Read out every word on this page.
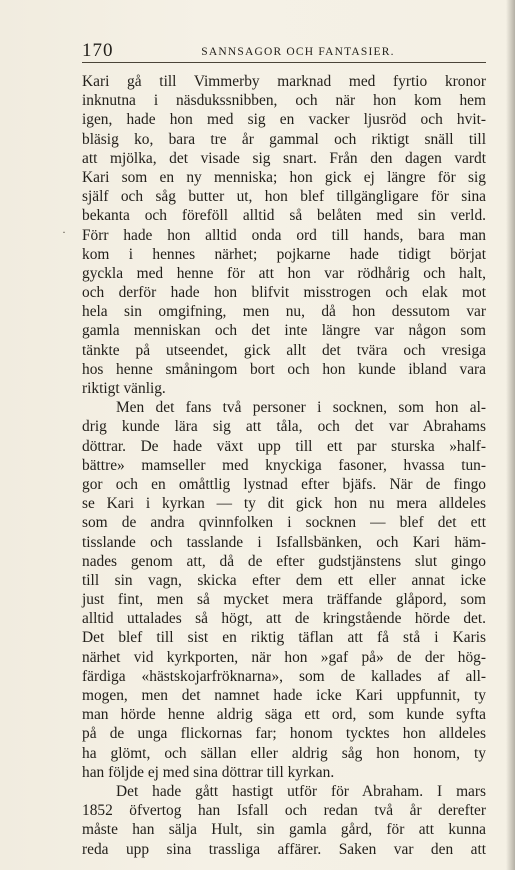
170	SANNSAGOR OCH FANTASIER.
·
Kari gå till Vimmerby marknad med fyrtio kronor
inknutna i näsdukssnibben, och när hon kom hem
igen, hade hon med sig en vacker ljusröd och hvit-
bläsig ko, bara tre år gammal och riktigt snäll till
att mjölka, det visade sig snart. Från den dagen vardt
Kari som en ny menniska; hon gick ej längre för sig
själf och såg butter ut, hon blef tillgängligare för sina
bekanta och föreföll alltid så belåten med sin verld.
Förr hade hon alltid onda ord till hands, bara man
kom i hennes närhet; pojkarne hade tidigt börjat
gyckla med henne för att hon var rödhårig och halt,
och derför hade hon blifvit misstrogen och elak mot
hela sin omgifning, men nu, då hon dessutom var
gamla menniskan och det inte längre var någon som
tänkte på utseendet, gick allt det tvära och vresiga
hos henne småningom bort och hon kunde ibland vara
riktigt vänlig.
Men det fans två personer i socknen, som hon al-
drig kunde lära sig att tåla, och det var Abrahams
döttrar. De hade växt upp till ett par sturska »half-
bättre» mamseller med knyckiga fasoner, hvassa tun-
gor och en omåttlig lystnad efter bjäfs. När de fingo
se Kari i kyrkan — ty dit gick hon nu mera alldeles
som de andra qvinnfolken i socknen — blef det ett
tisslande och tasslande i Isfallsbänken, och Kari häm-
nades genom att, då de efter gudstjänstens slut gingo
till sin vagn, skicka efter dem ett eller annat icke
just fint, men så mycket mera träffande glåpord, som
alltid uttalades så högt, att de kringstående hörde det.
Det blef till sist en riktig täflan att få stå i Karis
närhet vid kyrkporten, när hon »gaf på» de der hög-
färdiga «hästskojarfröknarna», som de kallades af all-
mogen, men det namnet hade icke Kari uppfunnit, ty
man hörde henne aldrig säga ett ord, som kunde syfta
på de unga flickornas far; honom tycktes hon alldeles
ha glömt, och sällan eller aldrig såg hon honom, ty
han följde ej med sina döttrar till kyrkan.
Det hade gått hastigt utför för Abraham. I mars
1852 öfvertog han Isfall och redan två år derefter
måste han sälja Hult, sin gamla gård, för att kunna
reda upp sina trassliga affärer. Saken var den att
